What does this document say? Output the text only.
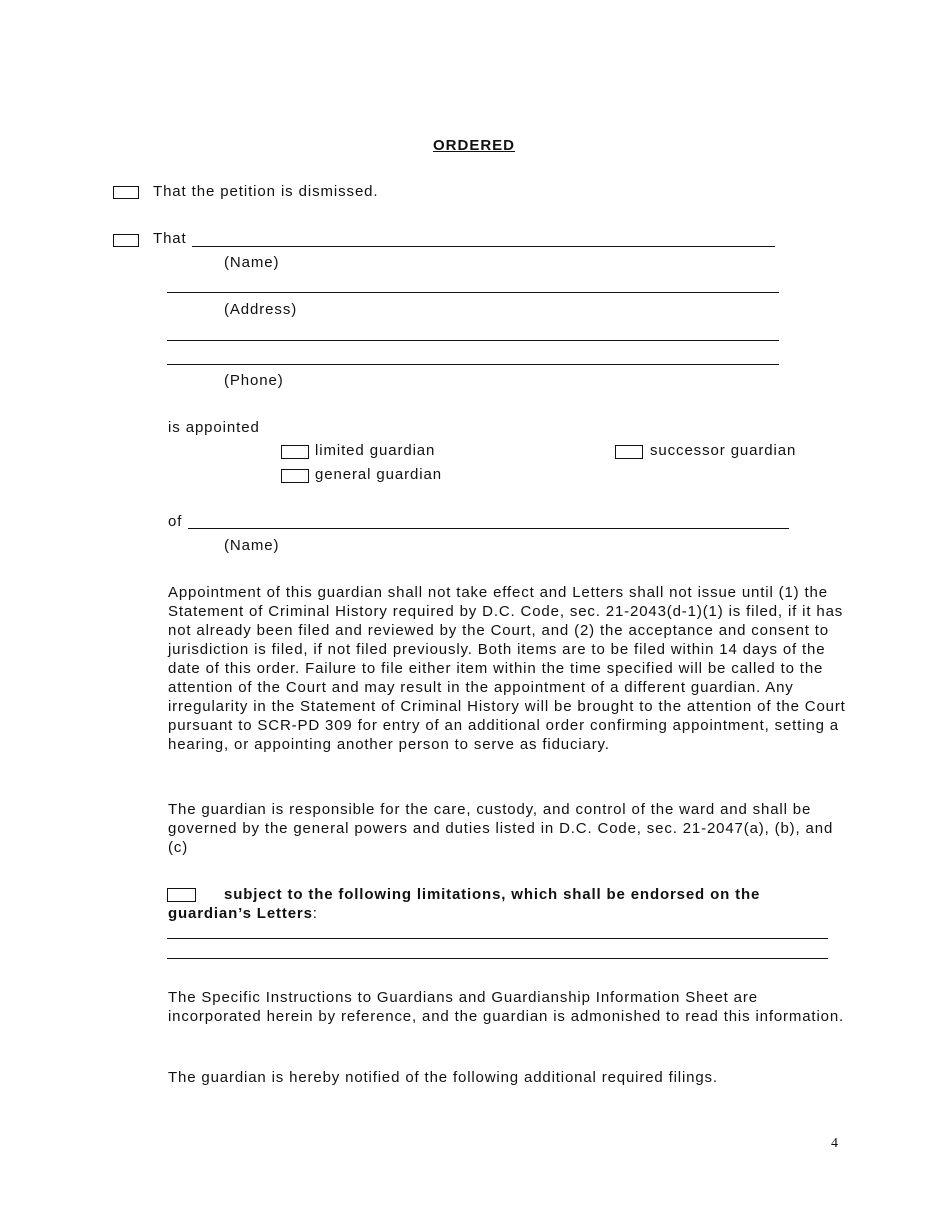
ORDERED
That the petition is dismissed.
That
(Name)
(Address)
(Phone)
is appointed
limited guardian	successor guardian
general guardian
of
(Name)
Appointment of this guardian shall not take effect and Letters shall not issue until (1) the Statement of Criminal History required by D.C. Code, sec. 21-2043(d-1)(1) is filed, if it has not already been filed and reviewed by the Court, and (2) the acceptance and consent to jurisdiction is filed, if not filed previously. Both items are to be filed within 14 days of the date of this order. Failure to file either item within the time specified will be called to the attention of the Court and may result in the appointment of a different guardian. Any irregularity in the Statement of Criminal History will be brought to the attention of the Court pursuant to SCR-PD 309 for entry of an additional order confirming appointment, setting a hearing, or appointing another person to serve as fiduciary.
The guardian is responsible for the care, custody, and control of the ward and shall be governed by the general powers and duties listed in D.C. Code, sec. 21-2047(a), (b), and (c)
subject to the following limitations, which shall be endorsed on the guardian’s Letters:
The Specific Instructions to Guardians and Guardianship Information Sheet are incorporated herein by reference, and the guardian is admonished to read this information.
The guardian is hereby notified of the following additional required filings.
4
